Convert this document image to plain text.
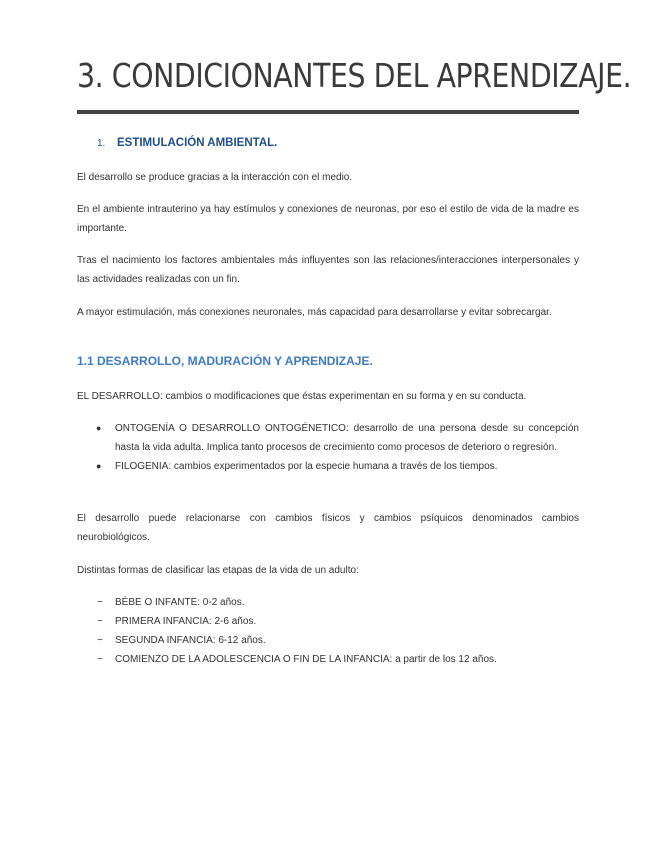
3. CONDICIONANTES DEL APRENDIZAJE.
1. ESTIMULACIÓN AMBIENTAL.

El desarrollo se produce gracias a la interacción con el medio.

En el ambiente intrauterino ya hay estímulos y conexiones de neuronas, por eso el estilo de vida de la madre es importante.

Tras el nacimiento los factores ambientales más influyentes son las relaciones/interacciones interpersonales y las actividades realizadas con un fin.

A mayor estimulación, más conexiones neuronales, más capacidad para desarrollarse y evitar sobrecargar.

1.1 DESARROLLO, MADURACIÓN Y APRENDIZAJE.

EL DESARROLLO: cambios o modificaciones que éstas experimentan en su forma y en su conducta.

● ONTOGENÍA O DESARROLLO ONTOGÉNETICO: desarrollo de una persona desde su concepción hasta la vida adulta. Implica tanto procesos de crecimiento como procesos de deterioro o regresión.
● FILOGENIA: cambios experimentados por la especie humana a través de los tiempos.

El desarrollo puede relacionarse con cambios físicos y cambios psíquicos denominados cambios neurobiológicos.

Distintas formas de clasificar las etapas de la vida de un adulto:

− BÉBE O INFANTE: 0-2 años.
− PRIMERA INFANCIA: 2-6 años.
− SEGUNDA INFANCIA: 6-12 años.
− COMIENZO DE LA ADOLESCENCIA O FIN DE LA INFANCIA: a partir de los 12 años.
